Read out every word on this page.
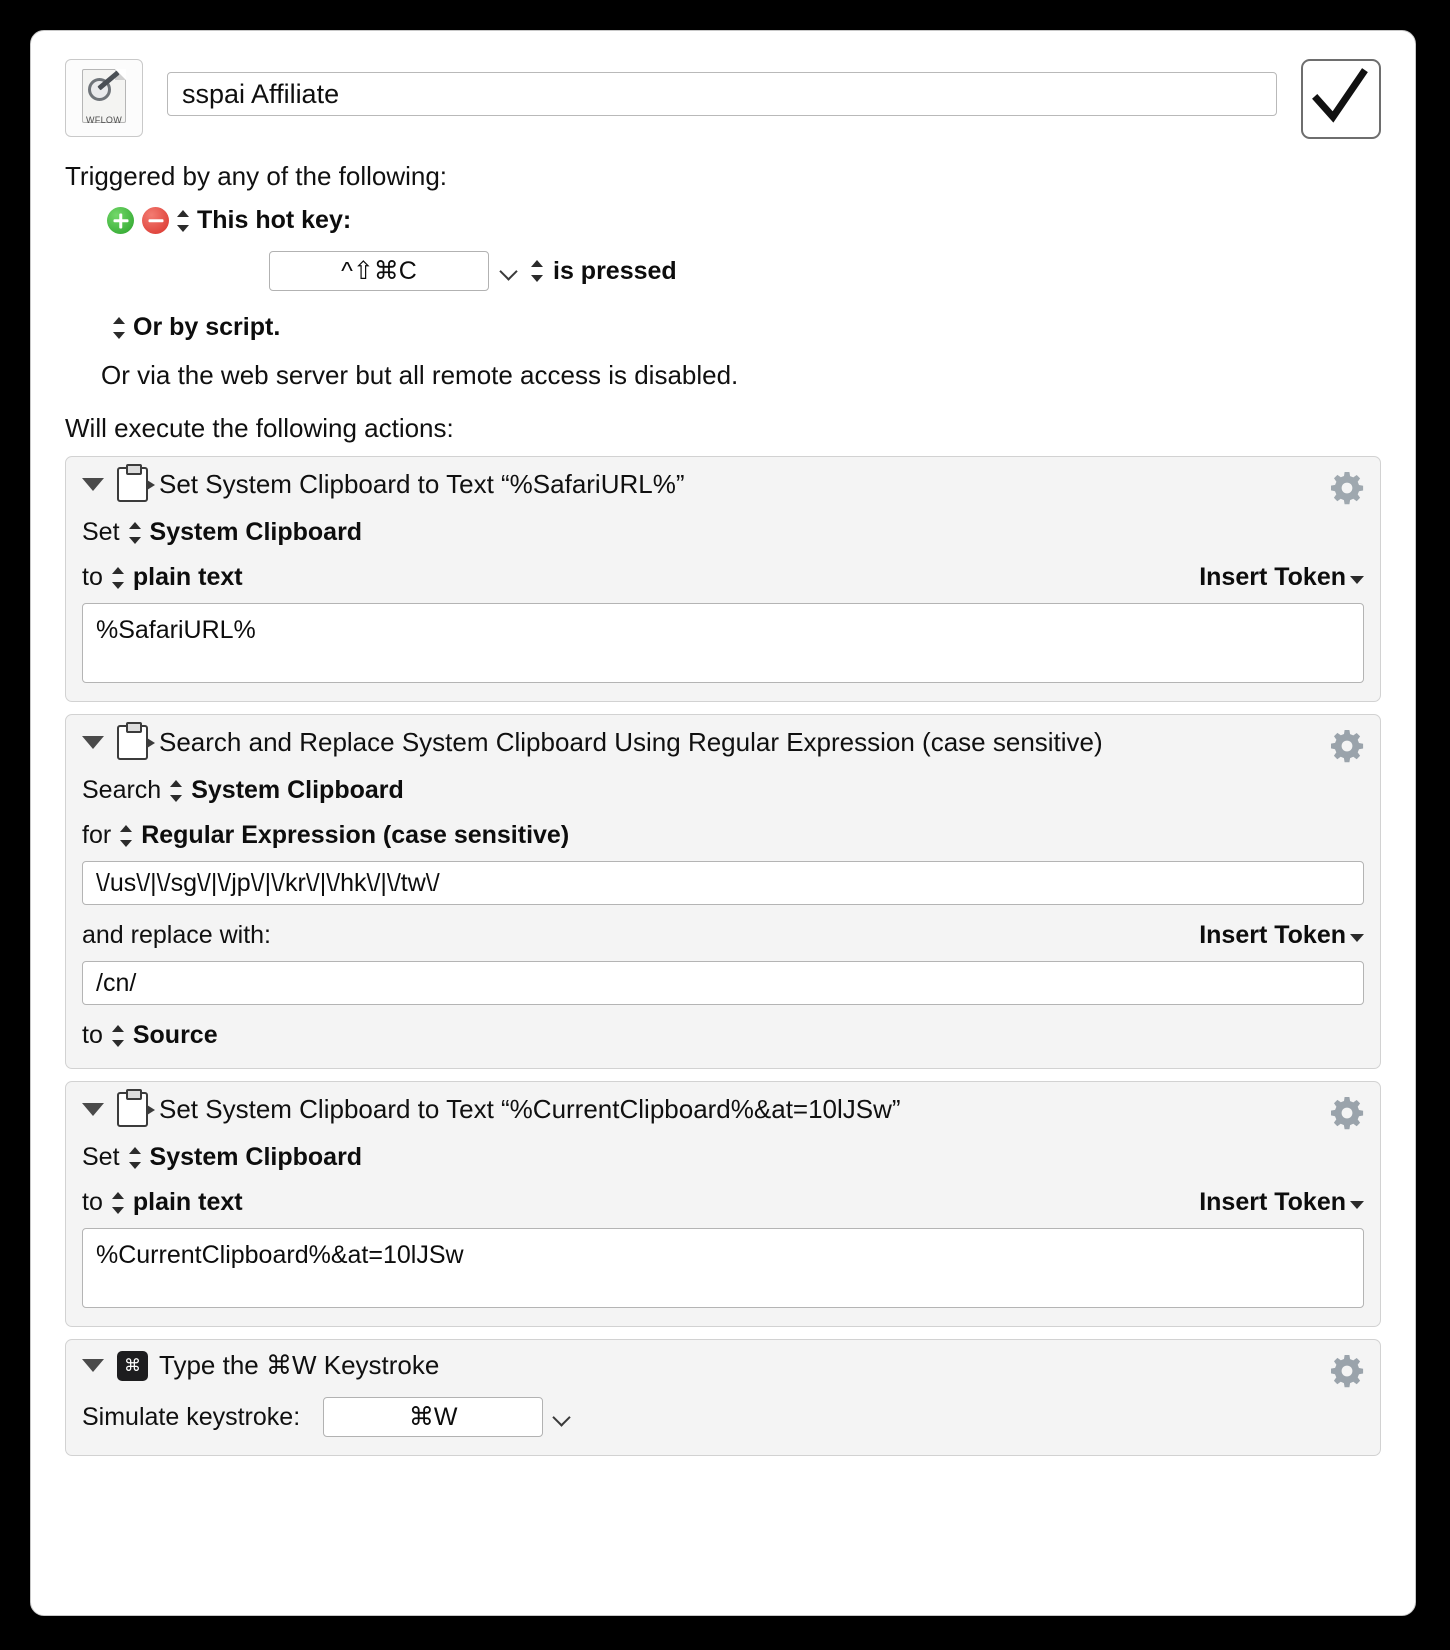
WFLOW
sspai Affiliate
Triggered by any of the following:
This hot key:
^⇧⌘C	is pressed
Or by script.
Or via the web server but all remote access is disabled.
Will execute the following actions:
Set System Clipboard to Text “%SafariURL%”
Set System Clipboard
to plain text	Insert Token
%SafariURL%
Search and Replace System Clipboard Using Regular Expression (case sensitive)
Search System Clipboard
for Regular Expression (case sensitive)
\/us\/|\/sg\/|\/jp\/|\/kr\/|\/hk\/|\/tw\/
and replace with:	Insert Token
/cn/
to Source
Set System Clipboard to Text “%CurrentClipboard%&at=10lJSw”
Set System Clipboard
to plain text	Insert Token
%CurrentClipboard%&at=10lJSw
⌘ Type the ⌘W Keystroke
Simulate keystroke:	⌘W
